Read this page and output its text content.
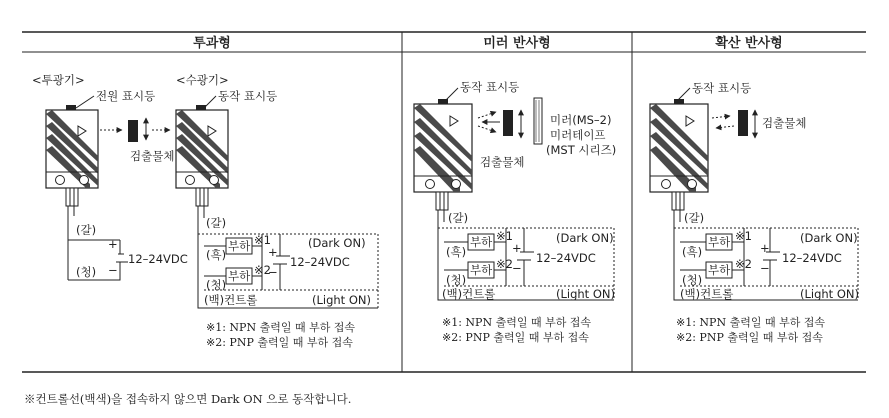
투과형	미러 반사형	확산 반사형
<투광기>	<수광기>
전원 표시등	동작 표시등
검출물체
(갈)
(청)
+
−
12–24VDC
(갈)
(흑)
(청)
부하
부하
※1
※2
+
−
12–24VDC
(Dark ON)
(Light ON)
(백)컨트롤
※1: NPN 출력일 때 부하 접속
※2: PNP 출력일 때 부하 접속
동작 표시등
검출물체
미러(MS–2)
미러테이프
(MST 시리즈)
(갈)
(흑)
(청)
부하
부하
※1
※2
+
−
12–24VDC
(Dark ON)
(Light ON)
(백)컨트롤
※1: NPN 출력일 때 부하 접속
※2: PNP 출력일 때 부하 접속
동작 표시등
검출물체
(갈)
(흑)
(청)
부하
부하
※1
※2
+
−
12–24VDC
(Dark ON)
(Light ON)
(백)컨트롤
※1: NPN 출력일 때 부하 접속
※2: PNP 출력일 때 부하 접속
※컨트롤선(백색)을 접속하지 않으면 Dark ON 으로 동작합니다.
